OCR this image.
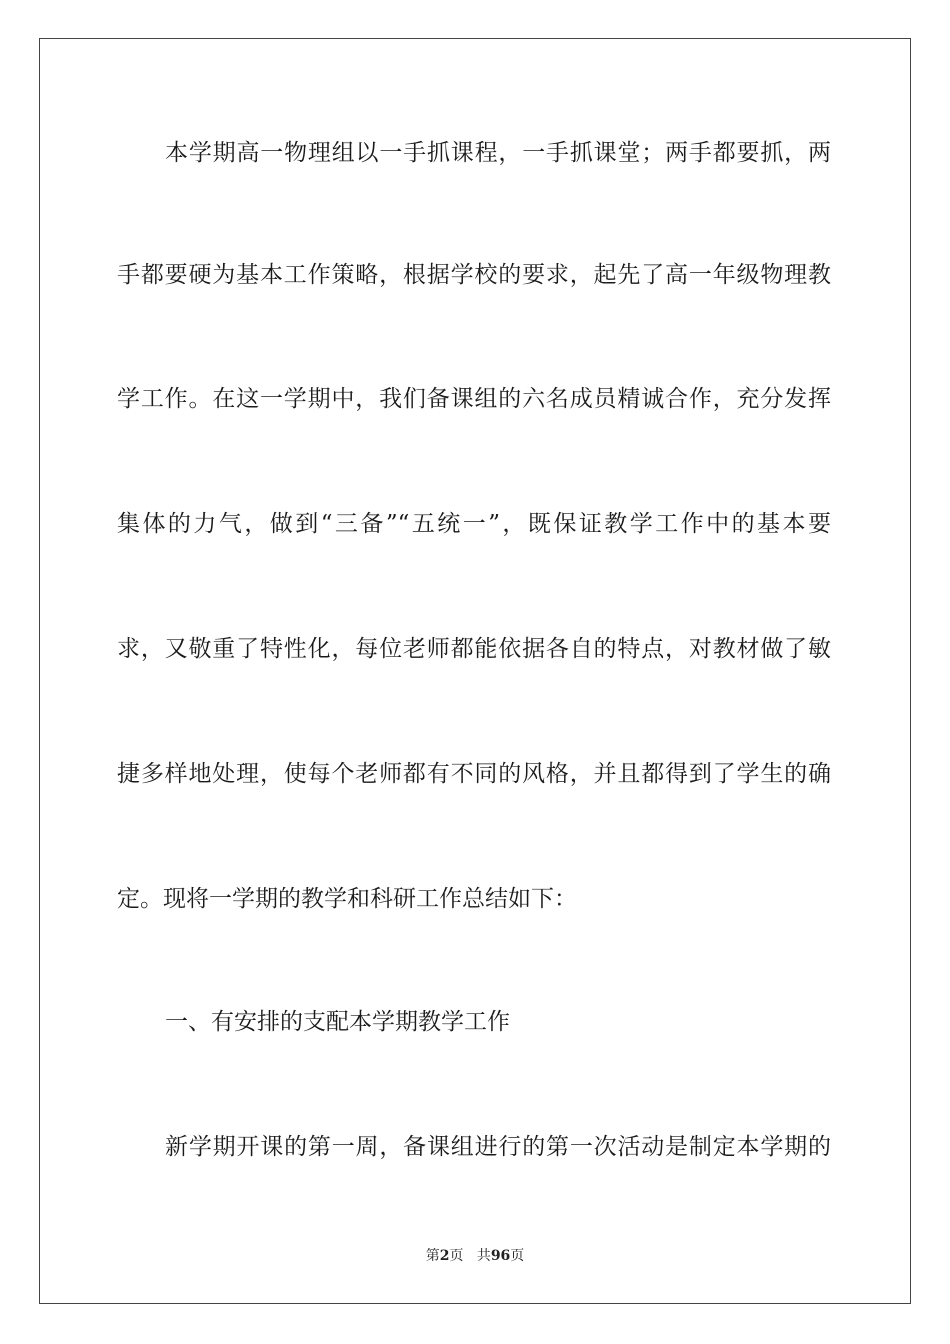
本学期高一物理组以一手抓课程，一手抓课堂；两手都要抓，两
手都要硬为基本工作策略，根据学校的要求，起先了高一年级物理教
学工作。在这一学期中，我们备课组的六名成员精诚合作，充分发挥
集体的力气，做到“三备”“五统一”，既保证教学工作中的基本要
求，又敬重了特性化，每位老师都能依据各自的特点，对教材做了敏
捷多样地处理，使每个老师都有不同的风格，并且都得到了学生的确
定。现将一学期的教学和科研工作总结如下：
一、有安排的支配本学期教学工作
新学期开课的第一周，备课组进行的第一次活动是制定本学期的
第2页 共96页
